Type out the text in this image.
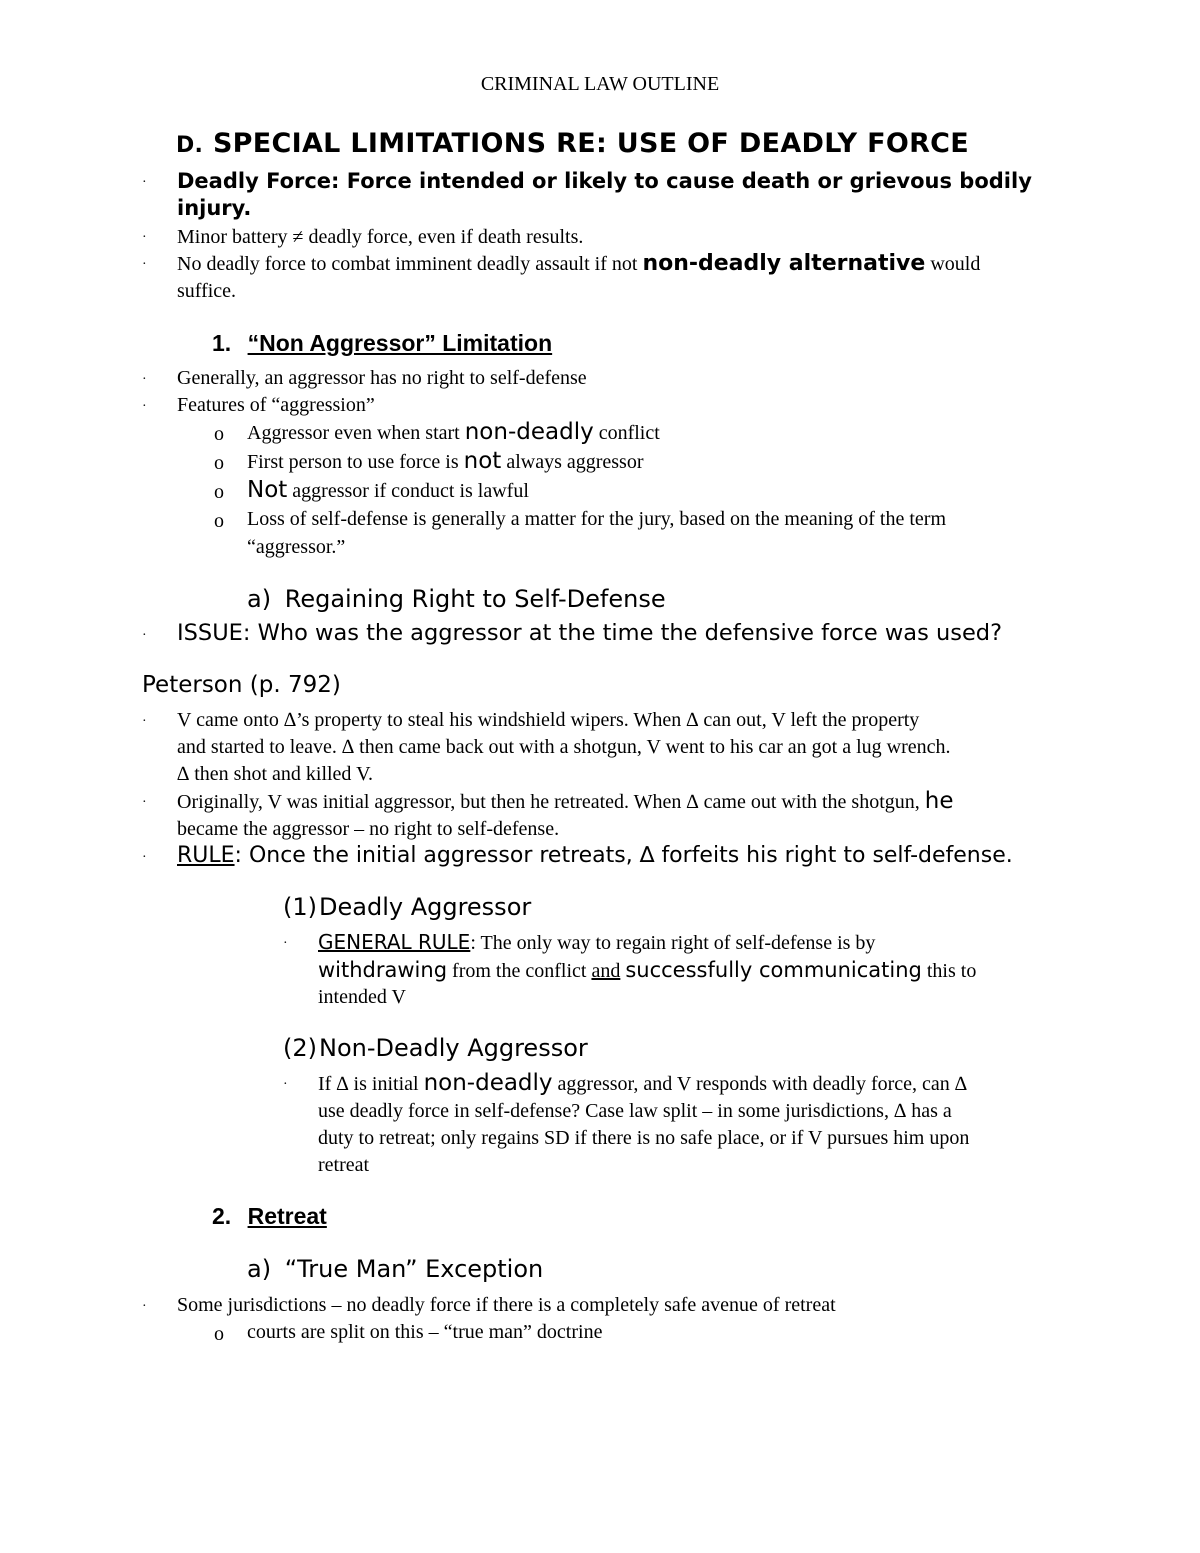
CRIMINAL LAW OUTLINE
D. SPECIAL LIMITATIONS RE: USE OF DEADLY FORCE
· Deadly Force: Force intended or likely to cause death or grievous bodily
injury.
· Minor battery ≠ deadly force, even if death results.
· No deadly force to combat imminent deadly assault if not non-deadly alternative would
suffice.
1. “Non Aggressor” Limitation
· Generally, an aggressor has no right to self-defense
· Features of “aggression”
o Aggressor even when start non-deadly conflict
o First person to use force is not always aggressor
o Not aggressor if conduct is lawful
o Loss of self-defense is generally a matter for the jury, based on the meaning of the term
“aggressor.”
a) Regaining Right to Self-Defense
· ISSUE: Who was the aggressor at the time the defensive force was used?
Peterson (p. 792)
· V came onto ∆’s property to steal his windshield wipers. When ∆ can out, V left the property
and started to leave. ∆ then came back out with a shotgun, V went to his car an got a lug wrench.
∆ then shot and killed V.
· Originally, V was initial aggressor, but then he retreated. When ∆ came out with the shotgun, he
became the aggressor – no right to self-defense.
· RULE: Once the initial aggressor retreats, ∆ forfeits his right to self-defense.
(1)Deadly Aggressor
· GENERAL RULE: The only way to regain right of self-defense is by
withdrawing from the conflict and successfully communicating this to
intended V
(2)Non-Deadly Aggressor
· If ∆ is initial non-deadly aggressor, and V responds with deadly force, can ∆
use deadly force in self-defense? Case law split – in some jurisdictions, ∆ has a
duty to retreat; only regains SD if there is no safe place, or if V pursues him upon
retreat
2. Retreat
a) “True Man” Exception
· Some jurisdictions – no deadly force if there is a completely safe avenue of retreat
o courts are split on this – “true man” doctrine
